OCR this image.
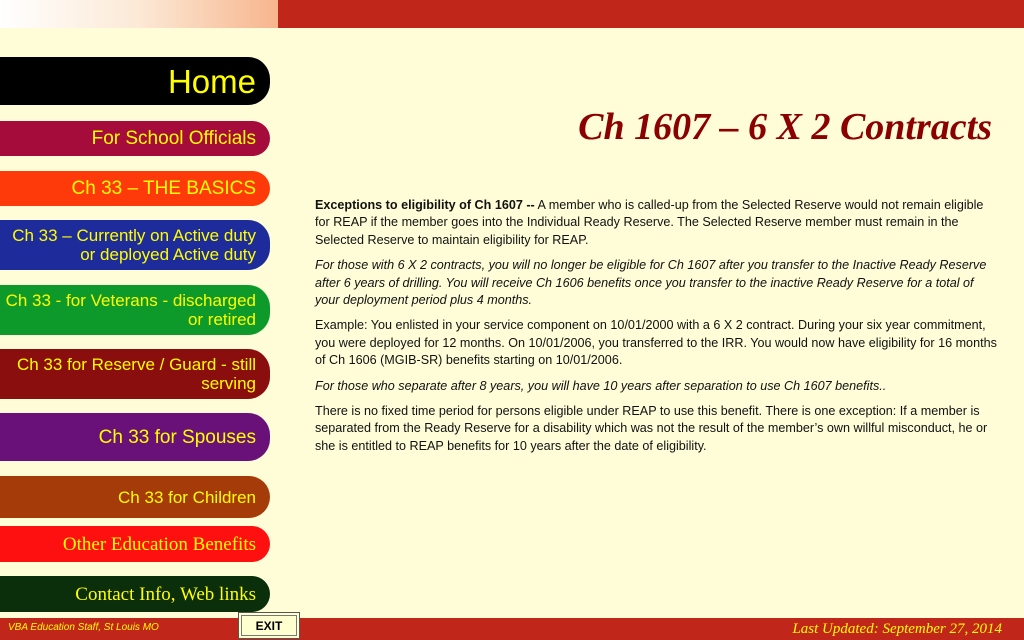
Home
For School Officials
Ch 33 – THE BASICS
Ch 33 – Currently on Active duty or deployed Active duty
Ch 33 - for Veterans - discharged or retired
Ch 33 for Reserve / Guard - still serving
Ch 33 for Spouses
Ch 33 for Children
Other Education Benefits
Contact Info, Web links
Ch 1607 – 6 X 2 Contracts

Exceptions to eligibility of Ch 1607 -- A member who is called-up from the Selected Reserve would not remain eligible for REAP if the member goes into the Individual Ready Reserve. The Selected Reserve member must remain in the Selected Reserve to maintain eligibility for REAP.

For those with 6 X 2 contracts, you will no longer be eligible for Ch 1607 after you transfer to the Inactive Ready Reserve after 6 years of drilling. You will receive Ch 1606 benefits once you transfer to the inactive Ready Reserve for a total of your deployment period plus 4 months.

Example: You enlisted in your service component on 10/01/2000 with a 6 X 2 contract. During your six year commitment, you were deployed for 12 months. On 10/01/2006, you transferred to the IRR. You would now have eligibility for 16 months of Ch 1606 (MGIB-SR) benefits starting on 10/01/2006.

For those who separate after 8 years, you will have 10 years after separation to use Ch 1607 benefits..

There is no fixed time period for persons eligible under REAP to use this benefit. There is one exception: If a member is separated from the Ready Reserve for a disability which was not the result of the member’s own willful misconduct, he or she is entitled to REAP benefits for 10 years after the date of eligibility.

VBA Education Staff, St Louis MO	EXIT	Last Updated: September 27, 2014
